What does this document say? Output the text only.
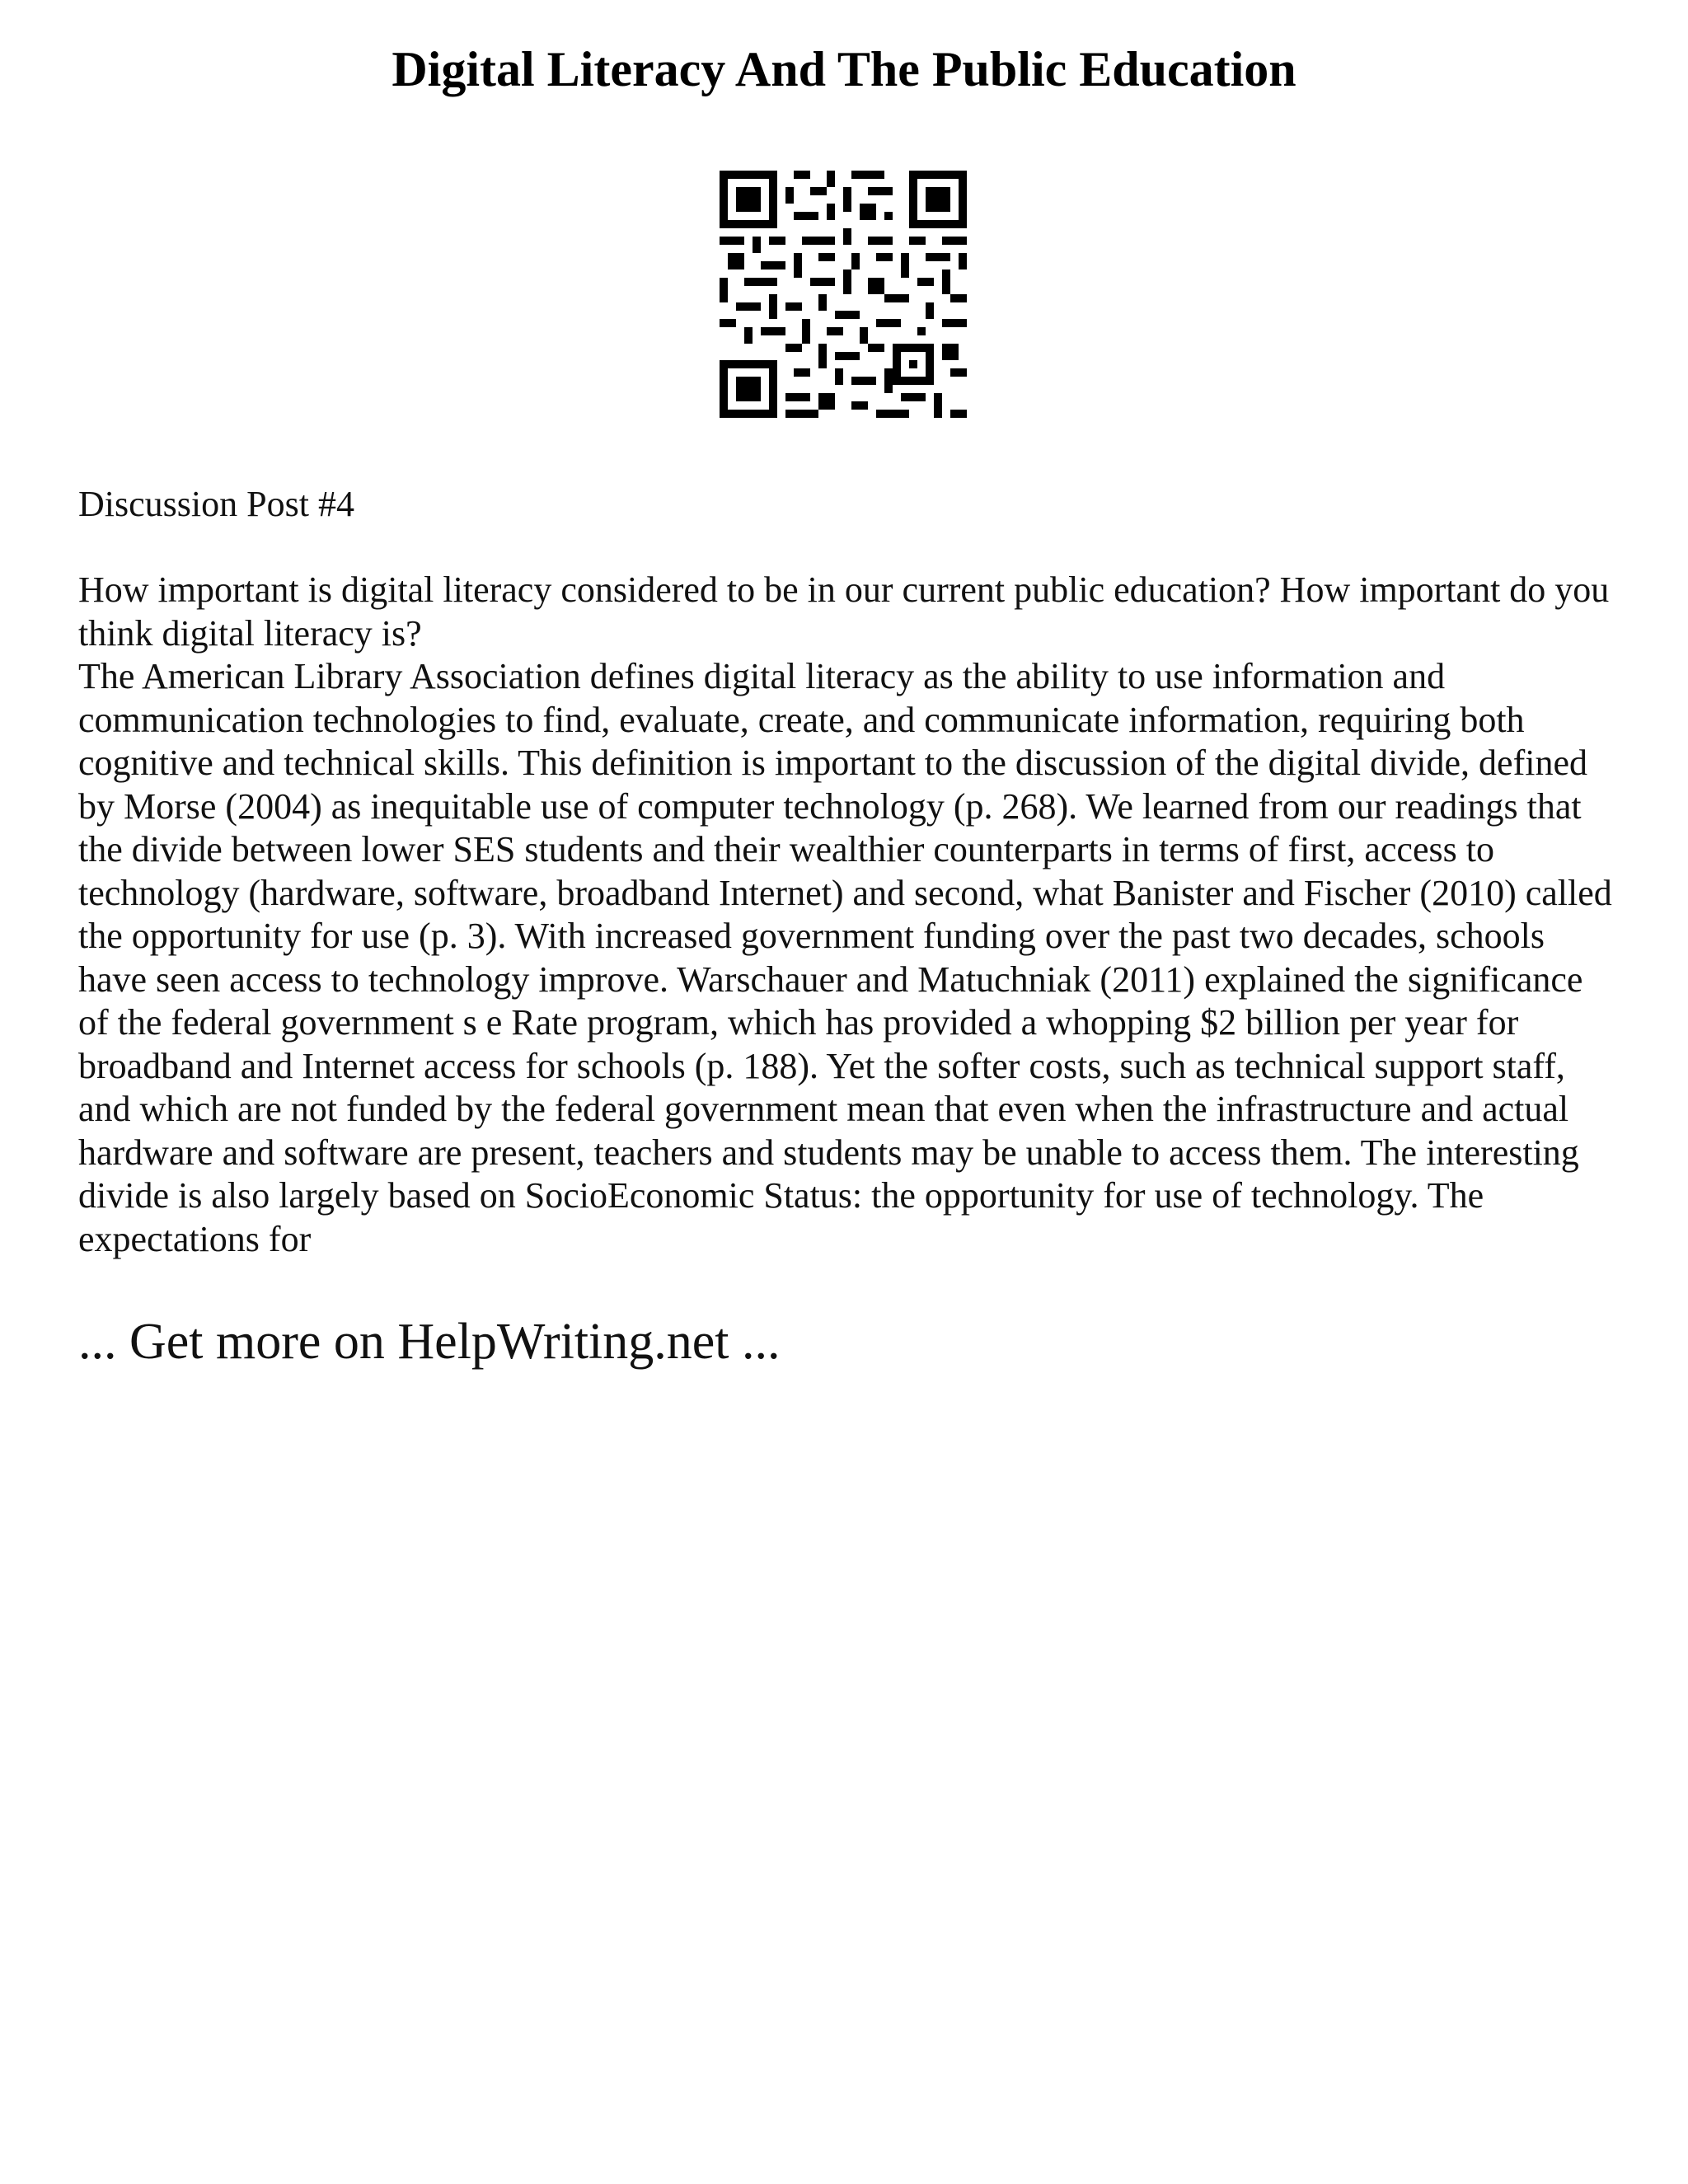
Digital Literacy And The Public Education

Discussion Post #4

How important is digital literacy considered to be in our current public education? How important do you think digital literacy is?

The American Library Association defines digital literacy as the ability to use information and communication technologies to find, evaluate, create, and communicate information, requiring both cognitive and technical skills. This definition is important to the discussion of the digital divide, defined by Morse (2004) as inequitable use of computer technology (p. 268). We learned from our readings that the divide between lower SES students and their wealthier counterparts in terms of first, access to technology (hardware, software, broadband Internet) and second, what Banister and Fischer (2010) called the opportunity for use (p. 3). With increased government funding over the past two decades, schools have seen access to technology improve. Warschauer and Matuchniak (2011) explained the significance of the federal government s e Rate program, which has provided a whopping $2 billion per year for broadband and Internet access for schools (p. 188). Yet the softer costs, such as technical support staff, and which are not funded by the federal government mean that even when the infrastructure and actual hardware and software are present, teachers and students may be unable to access them. The interesting divide is also largely based on SocioEconomic Status: the opportunity for use of technology. The expectations for

... Get more on HelpWriting.net ...
